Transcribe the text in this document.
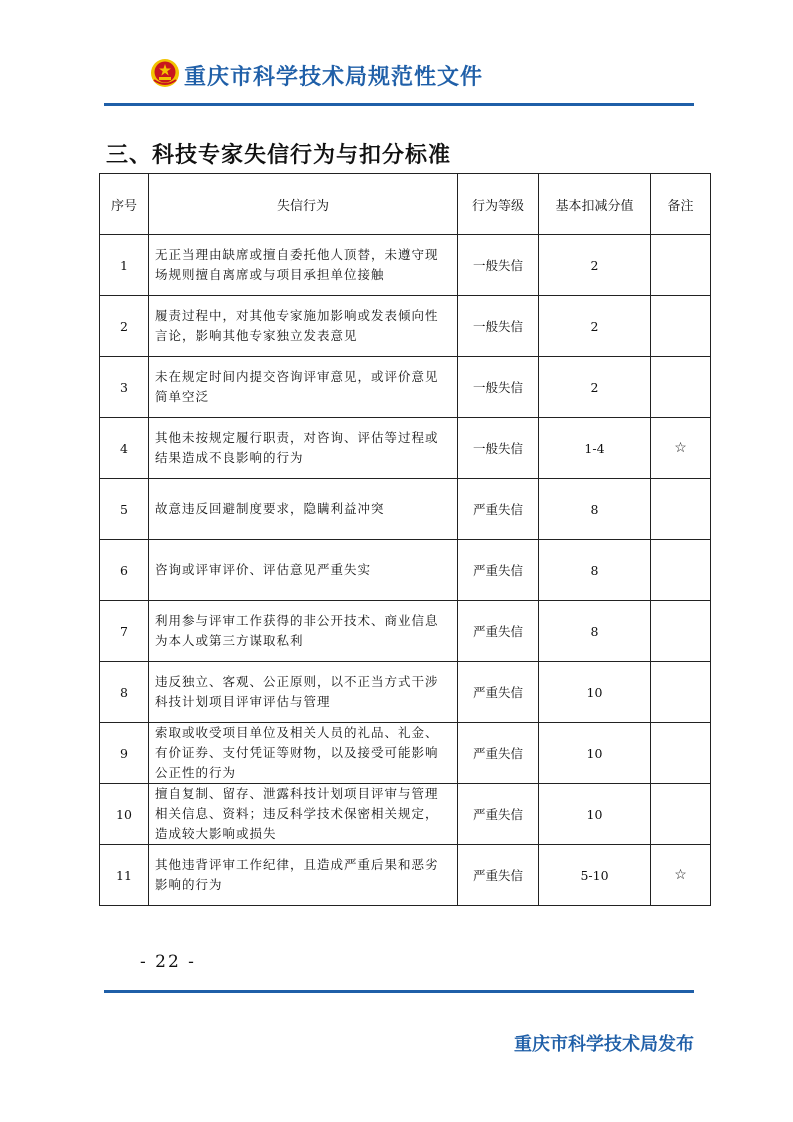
重庆市科学技术局规范性文件
三、科技专家失信行为与扣分标准
序号	失信行为	行为等级	基本扣减分值	备注
1	无正当理由缺席或擅自委托他人顶替，未遵守现场规则擅自离席或与项目承担单位接触	一般失信	2	
2	履责过程中，对其他专家施加影响或发表倾向性言论，影响其他专家独立发表意见	一般失信	2	
3	未在规定时间内提交咨询评审意见，或评价意见简单空泛	一般失信	2	
4	其他未按规定履行职责，对咨询、评估等过程或结果造成不良影响的行为	一般失信	1-4	☆
5	故意违反回避制度要求，隐瞒利益冲突	严重失信	8	
6	咨询或评审评价、评估意见严重失实	严重失信	8	
7	利用参与评审工作获得的非公开技术、商业信息为本人或第三方谋取私利	严重失信	8	
8	违反独立、客观、公正原则，以不正当方式干涉科技计划项目评审评估与管理	严重失信	10	
9	索取或收受项目单位及相关人员的礼品、礼金、有价证券、支付凭证等财物，以及接受可能影响公正性的行为	严重失信	10	
10	擅自复制、留存、泄露科技计划项目评审与管理相关信息、资料；违反科学技术保密相关规定，造成较大影响或损失	严重失信	10	
11	其他违背评审工作纪律，且造成严重后果和恶劣影响的行为	严重失信	5-10	☆
- 22 -
重庆市科学技术局发布
